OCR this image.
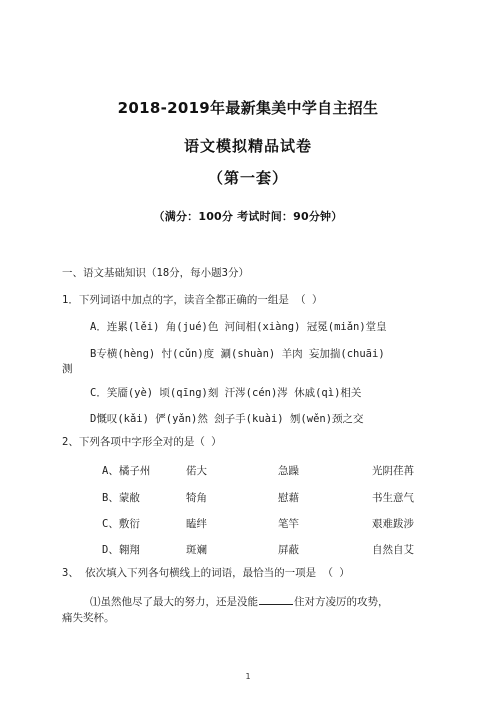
2018-2019年最新集美中学自主招生
语文模拟精品试卷
（第一套）
（满分：100分 考试时间：90分钟）
一、语文基础知识（18分，每小题3分）
1．下列词语中加点的字，读音全都正确的一组是 （ ）
A．连累(lěi) 角(jué)色 河间相(xiàng) 冠冕(miǎn)堂皇
B专横(hèng) 忖(cǔn)度 涮(shuàn) 羊肉 妄加揣(chuāi)
测
C．笑靥(yè) 顷(qīng)刻 汗涔(cén)涔 休戚(qì)相关
D慨叹(kǎi) 俨(yǎn)然 刽子手(kuài) 刎(wěn)颈之交
2、下列各项中字形全对的是（ ）
A、橘子州	偌大	急躁	光阴荏苒
B、蒙敝	犄角	慰藉	书生意气
C、敷衍	瞌绊	笔竿	艰难跋涉
D、翱翔	斑斓	屏蔽	自然自艾
3、 依次填入下列各句横线上的词语，最恰当的一项是 （ ）
⑴虽然他尽了最大的努力，还是没能	住对方凌厉的攻势，
痛失奖杯。
1
